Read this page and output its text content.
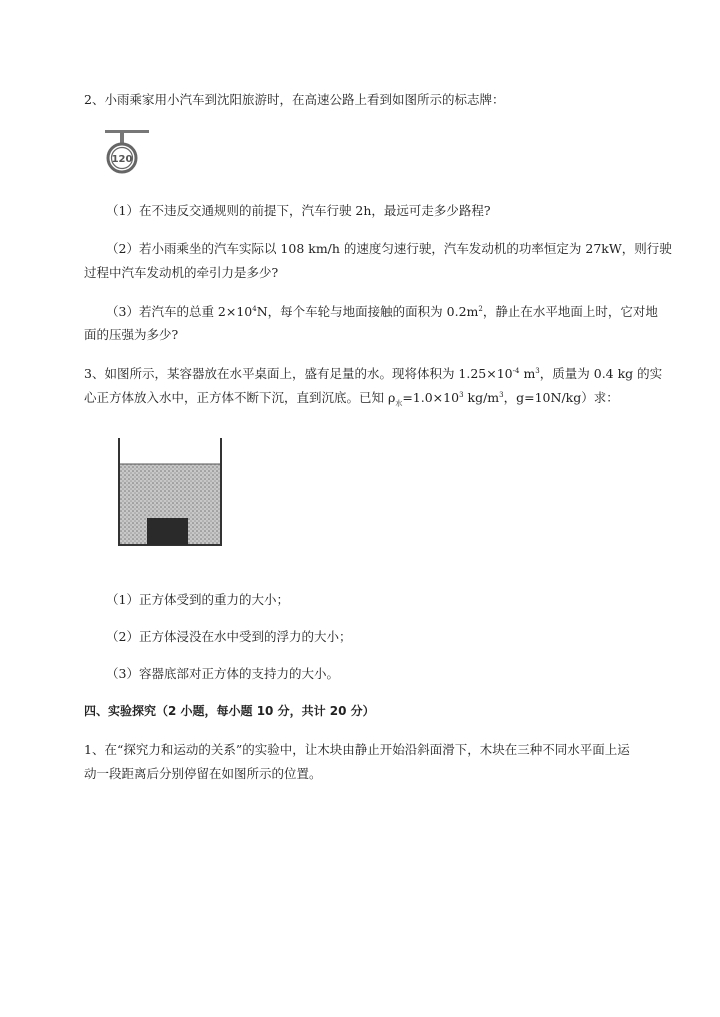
2、小雨乘家用小汽车到沈阳旅游时，在高速公路上看到如图所示的标志牌：
120
（1）在不违反交通规则的前提下，汽车行驶 2h，最远可走多少路程?
（2）若小雨乘坐的汽车实际以 108 km/h 的速度匀速行驶，汽车发动机的功率恒定为 27kW，则行驶
过程中汽车发动机的牵引力是多少?
（3）若汽车的总重 $2\times 10^4N$，每个车轮与地面接触的面积为 $0.2m^2$，静止在水平地面上时，它对地
面的压强为多少?
3、如图所示，某容器放在水平桌面上，盛有足量的水。现将体积为 $1.25\times 10^{-4}$ $m^3$，质量为 0.4 kg 的实
心正方体放入水中，正方体不断下沉，直到沉底。已知 $\rho_水=1.0\times 10^3$ $kg/m^3$，g=10N/kg）求：
（1）正方体受到的重力的大小；
（2）正方体浸没在水中受到的浮力的大小；
（3）容器底部对正方体的支持力的大小。
四、实验探究（2 小题，每小题 10 分，共计 20 分）
1、在“探究力和运动的关系”的实验中，让木块由静止开始沿斜面滑下，木块在三种不同水平面上运
动一段距离后分别停留在如图所示的位置。
